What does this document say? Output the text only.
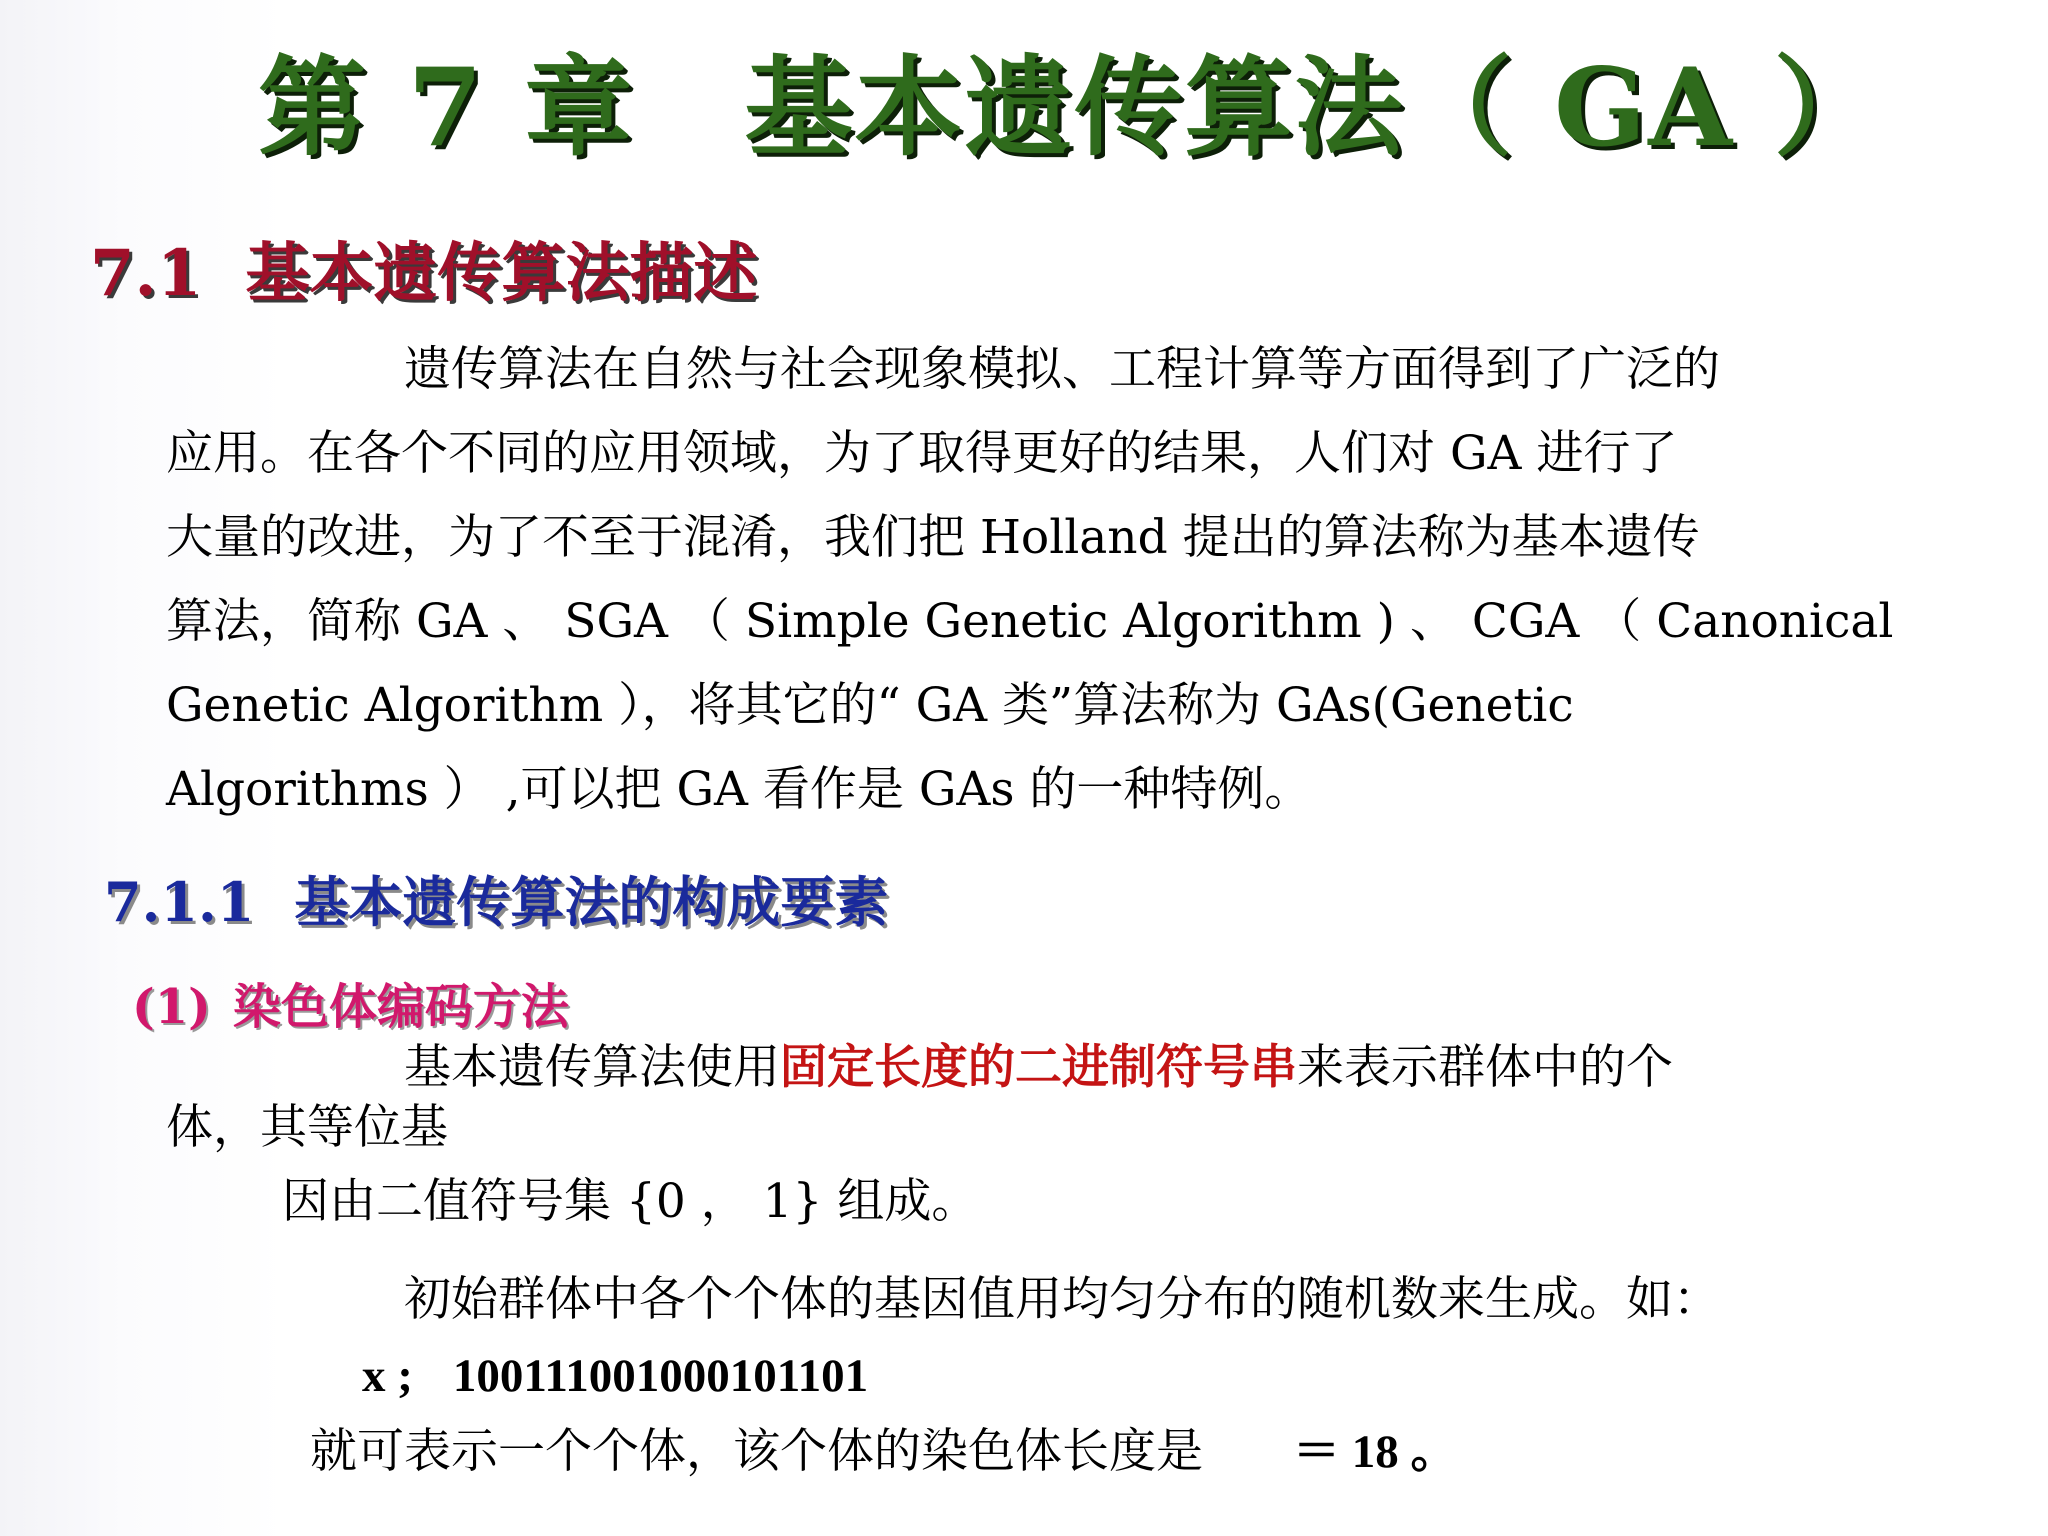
第 7 章 基本遗传算法（ GA ）
7.1 基本遗传算法描述
遗传算法在自然与社会现象模拟、工程计算等方面得到了广泛的
应用。在各个不同的应用领域，为了取得更好的结果，人们对 GA 进行了
大量的改进，为了不至于混淆，我们把 Holland 提出的算法称为基本遗传
算法，简称 GA 、 SGA （ Simple Genetic Algorithm ) 、 CGA （ Canonical
Genetic Algorithm ），将其它的“ GA 类”算法称为 GAs(Genetic
Algorithms ） ,可以把 GA 看作是 GAs 的一种特例。
7.1.1 基本遗传算法的构成要素
(1) 染色体编码方法
基本遗传算法使用固定长度的二进制符号串来表示群体中的个
体，其等位基
因由二值符号集 {0 ， 1} 组成。
初始群体中各个个体的基因值用均匀分布的随机数来生成。如：
x ; 100111001000101101
就可表示一个个体，该个体的染色体长度是 ＝ 18 。
